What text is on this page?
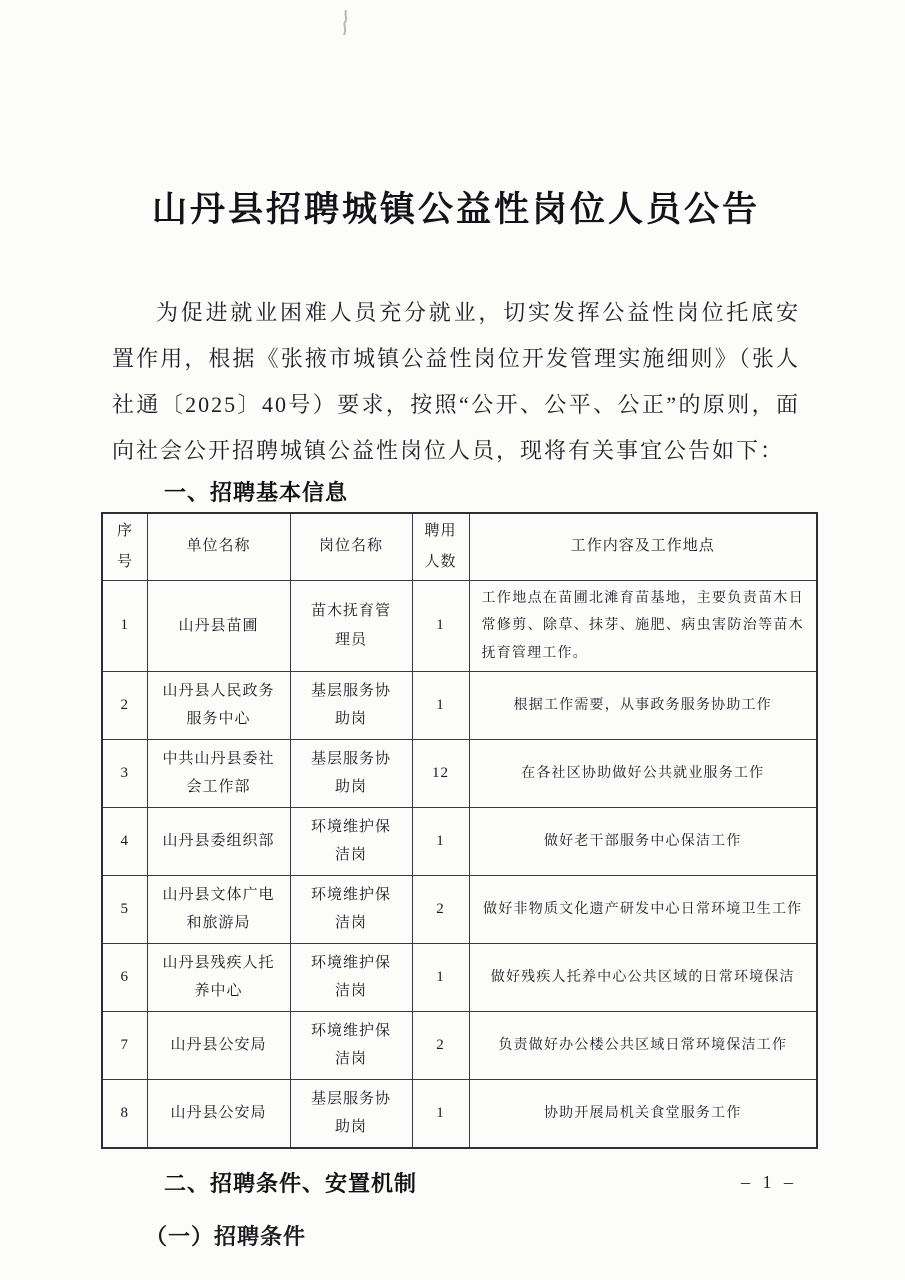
山丹县招聘城镇公益性岗位人员公告

为促进就业困难人员充分就业，切实发挥公益性岗位托底安置作用，根据《张掖市城镇公益性岗位开发管理实施细则》（张人社通〔2025〕40号）要求，按照“公开、公平、公正”的原则，面向社会公开招聘城镇公益性岗位人员，现将有关事宜公告如下：

一、招聘基本信息
序号	单位名称	岗位名称	聘用人数	工作内容及工作地点
1	山丹县苗圃	苗木抚育管理员	1	工作地点在苗圃北滩育苗基地，主要负责苗木日常修剪、除草、抹芽、施肥、病虫害防治等苗木抚育管理工作。
2	山丹县人民政务服务中心	基层服务协助岗	1	根据工作需要，从事政务服务协助工作
3	中共山丹县委社会工作部	基层服务协助岗	12	在各社区协助做好公共就业服务工作
4	山丹县委组织部	环境维护保洁岗	1	做好老干部服务中心保洁工作
5	山丹县文体广电和旅游局	环境维护保洁岗	2	做好非物质文化遗产研发中心日常环境卫生工作
6	山丹县残疾人托养中心	环境维护保洁岗	1	做好残疾人托养中心公共区域的日常环境保洁
7	山丹县公安局	环境维护保洁岗	2	负责做好办公楼公共区域日常环境保洁工作
8	山丹县公安局	基层服务协助岗	1	协助开展局机关食堂服务工作
二、招聘条件、安置机制
（一）招聘条件
– 1 –
